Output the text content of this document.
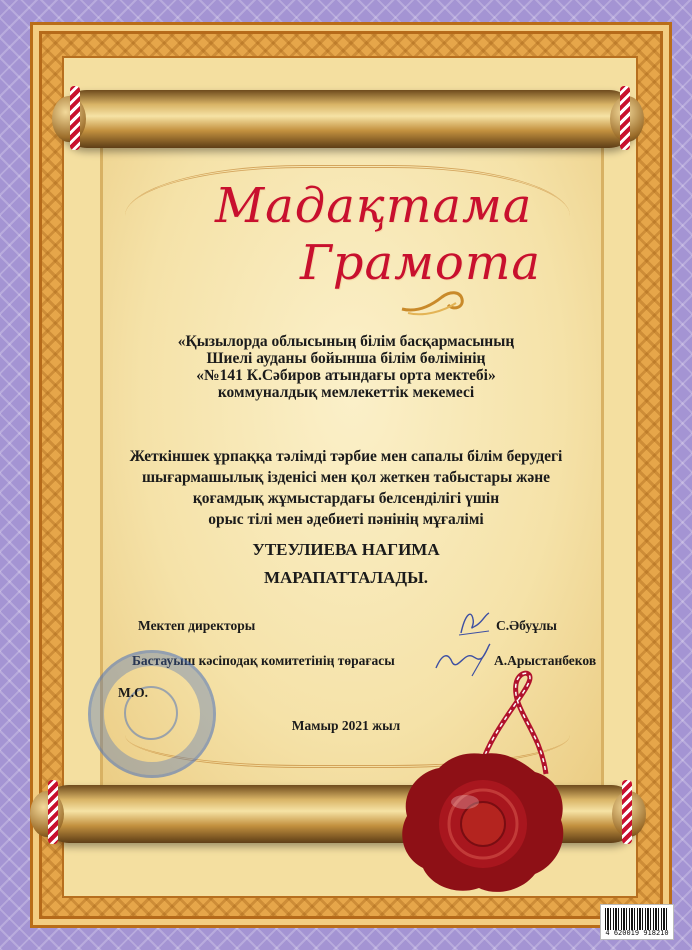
Мадақтама
Грамота
«Қызылорда облысының білім басқармасының
Шиелі ауданы бойынша білім бөлімінің
«№141 К.Сәбиров атындағы орта мектебі»
коммуналдық мемлекеттік мекемесі
Жеткіншек ұрпаққа тәлімді тәрбие мен сапалы білім берудегі
шығармашылық ізденісі мен қол жеткен табыстары және
қоғамдық жұмыстардағы белсенділігі үшін
орыс тілі мен әдебиеті пәнінің мұғалімі
УТЕУЛИЕВА НАГИМА
МАРАПАТТАЛАДЫ.
Мектеп директоры	С.Әбуұлы
Бастауыш кәсіподақ комитетінің төрағасы	А.Арыстанбеков
М.О.
Мамыр 2021 жыл
4 620019 918210
